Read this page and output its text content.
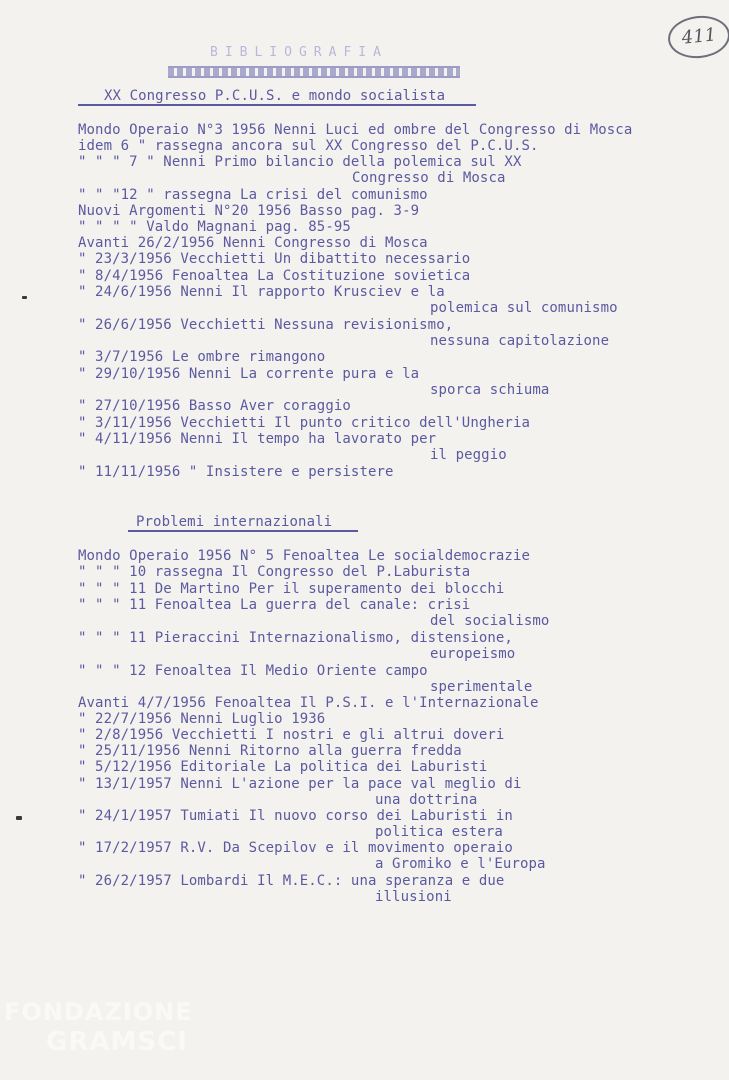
411
BIBLIOGRAFIA
XX Congresso P.C.U.S. e mondo socialista
Mondo Operaio N°3 1956 Nenni Luci ed ombre del Congresso di Mosca
idem 6 " rassegna ancora sul XX Congresso del P.C.U.S.
" " " 7 " Nenni Primo bilancio della polemica sul XX
Congresso di Mosca
" " "12 " rassegna La crisi del comunismo
Nuovi Argomenti N°20 1956 Basso pag. 3-9
" " " " Valdo Magnani pag. 85-95
Avanti 26/2/1956 Nenni Congresso di Mosca
" 23/3/1956 Vecchietti Un dibattito necessario
" 8/4/1956 Fenoaltea La Costituzione sovietica
" 24/6/1956 Nenni Il rapporto Krusciev e la
polemica sul comunismo
" 26/6/1956 Vecchietti Nessuna revisionismo,
nessuna capitolazione
" 3/7/1956 Le ombre rimangono
" 29/10/1956 Nenni La corrente pura e la
sporca schiuma
" 27/10/1956 Basso Aver coraggio
" 3/11/1956 Vecchietti Il punto critico dell'Ungheria
" 4/11/1956 Nenni Il tempo ha lavorato per
il peggio
" 11/11/1956 " Insistere e persistere
Problemi internazionali
Mondo Operaio 1956 N° 5 Fenoaltea Le socialdemocrazie
" " " 10 rassegna Il Congresso del P.Laburista
" " " 11 De Martino Per il superamento dei blocchi
" " " 11 Fenoaltea La guerra del canale: crisi
del socialismo
" " " 11 Pieraccini Internazionalismo, distensione,
europeismo
" " " 12 Fenoaltea Il Medio Oriente campo
sperimentale
Avanti 4/7/1956 Fenoaltea Il P.S.I. e l'Internazionale
" 22/7/1956 Nenni Luglio 1936
" 2/8/1956 Vecchietti I nostri e gli altrui doveri
" 25/11/1956 Nenni Ritorno alla guerra fredda
" 5/12/1956 Editoriale La politica dei Laburisti
" 13/1/1957 Nenni L'azione per la pace val meglio di
una dottrina
" 24/1/1957 Tumiati Il nuovo corso dei Laburisti in
politica estera
" 17/2/1957 R.V. Da Scepilov e il movimento operaio
a Gromiko e l'Europa
" 26/2/1957 Lombardi Il M.E.C.: una speranza e due
illusioni
FONDAZIONE
GRAMSCI
